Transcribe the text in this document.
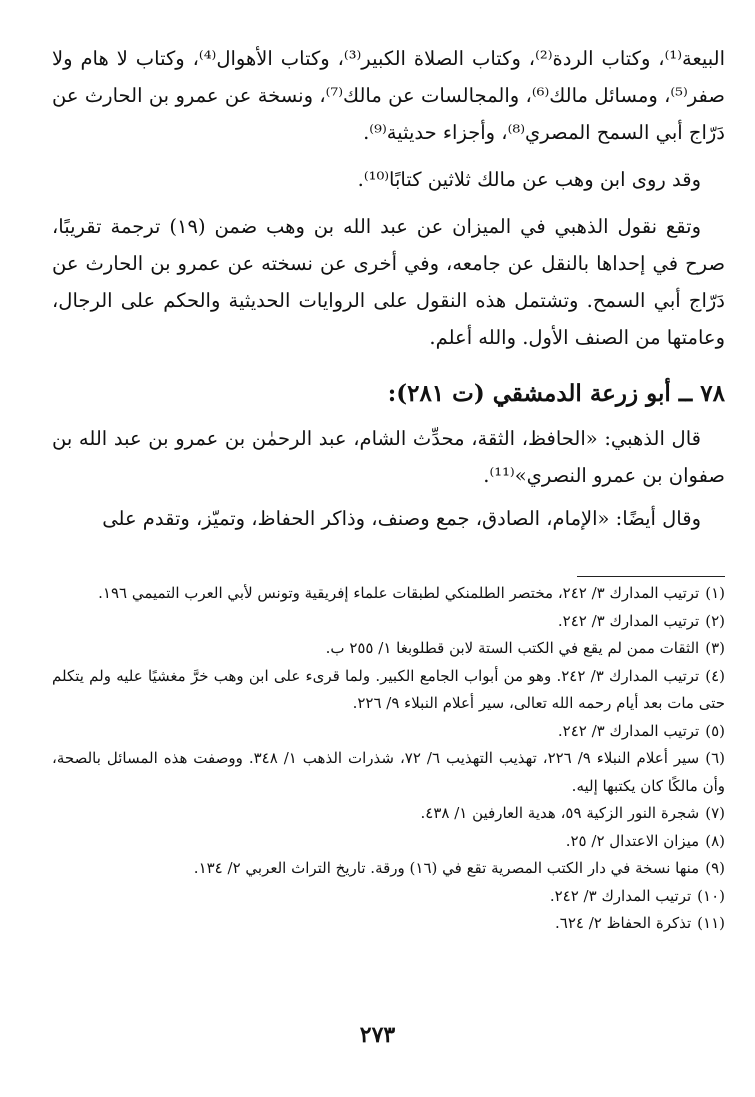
البيعة⁽¹⁾، وكتاب الردة⁽²⁾، وكتاب الصلاة الكبير⁽³⁾، وكتاب الأهوال⁽⁴⁾، وكتاب لا هام ولا صفر⁽⁵⁾، ومسائل مالك⁽⁶⁾، والمجالسات عن مالك⁽⁷⁾، ونسخة عن عمرو بن الحارث عن دَرّاج أبي السمح المصري⁽⁸⁾، وأجزاء حديثية⁽⁹⁾.

وقد روى ابن وهب عن مالك ثلاثين كتابًا⁽¹⁰⁾.

وتقع نقول الذهبي في الميزان عن عبد الله بن وهب ضمن (١٩) ترجمة تقريبًا، صرح في إحداها بالنقل عن جامعه، وفي أخرى عن نسخته عن عمرو بن الحارث عن دَرّاج أبي السمح. وتشتمل هذه النقول على الروايات الحديثية والحكم على الرجال، وعامتها من الصنف الأول. والله أعلم.

٧٨ ــ أبو زرعة الدمشقي (ت ٢٨١):

قال الذهبي: «الحافظ، الثقة، محدِّث الشام، عبد الرحمٰن بن عمرو بن عبد الله بن صفوان بن عمرو النصري»⁽¹¹⁾.

وقال أيضًا: «الإمام، الصادق، جمع وصنف، وذاكر الحفاظ، وتميّز، وتقدم على

(١)ترتيب المدارك ٣/ ٢٤٢، مختصر الطلمنكي لطبقات علماء إفريقية وتونس لأبي العرب التميمي ١٩٦.

(٢)ترتيب المدارك ٣/ ٢٤٢.

(٣)الثقات ممن لم يقع في الكتب الستة لابن قطلوبغا ١/ ٢٥٥ ب.

(٤)ترتيب المدارك ٣/ ٢٤٢. وهو من أبواب الجامع الكبير. ولما قرىء على ابن وهب خرَّ مغشيًا عليه ولم يتكلم حتى مات بعد أيام رحمه الله تعالى، سير أعلام النبلاء ٩/ ٢٢٦.

(٥)ترتيب المدارك ٣/ ٢٤٢.

(٦)سير أعلام النبلاء ٩/ ٢٢٦، تهذيب التهذيب ٦/ ٧٢، شذرات الذهب ١/ ٣٤٨. ووصفت هذه المسائل بالصحة، وأن مالكًا كان يكتبها إليه.

(٧)شجرة النور الزكية ٥٩، هدية العارفين ١/ ٤٣٨.

(٨)ميزان الاعتدال ٢/ ٢٥.

(٩)منها نسخة في دار الكتب المصرية تقع في (١٦) ورقة. تاريخ التراث العربي ٢/ ١٣٤.

(١٠)ترتيب المدارك ٣/ ٢٤٢.

(١١)تذكرة الحفاظ ٢/ ٦٢٤.

٢٧٣
